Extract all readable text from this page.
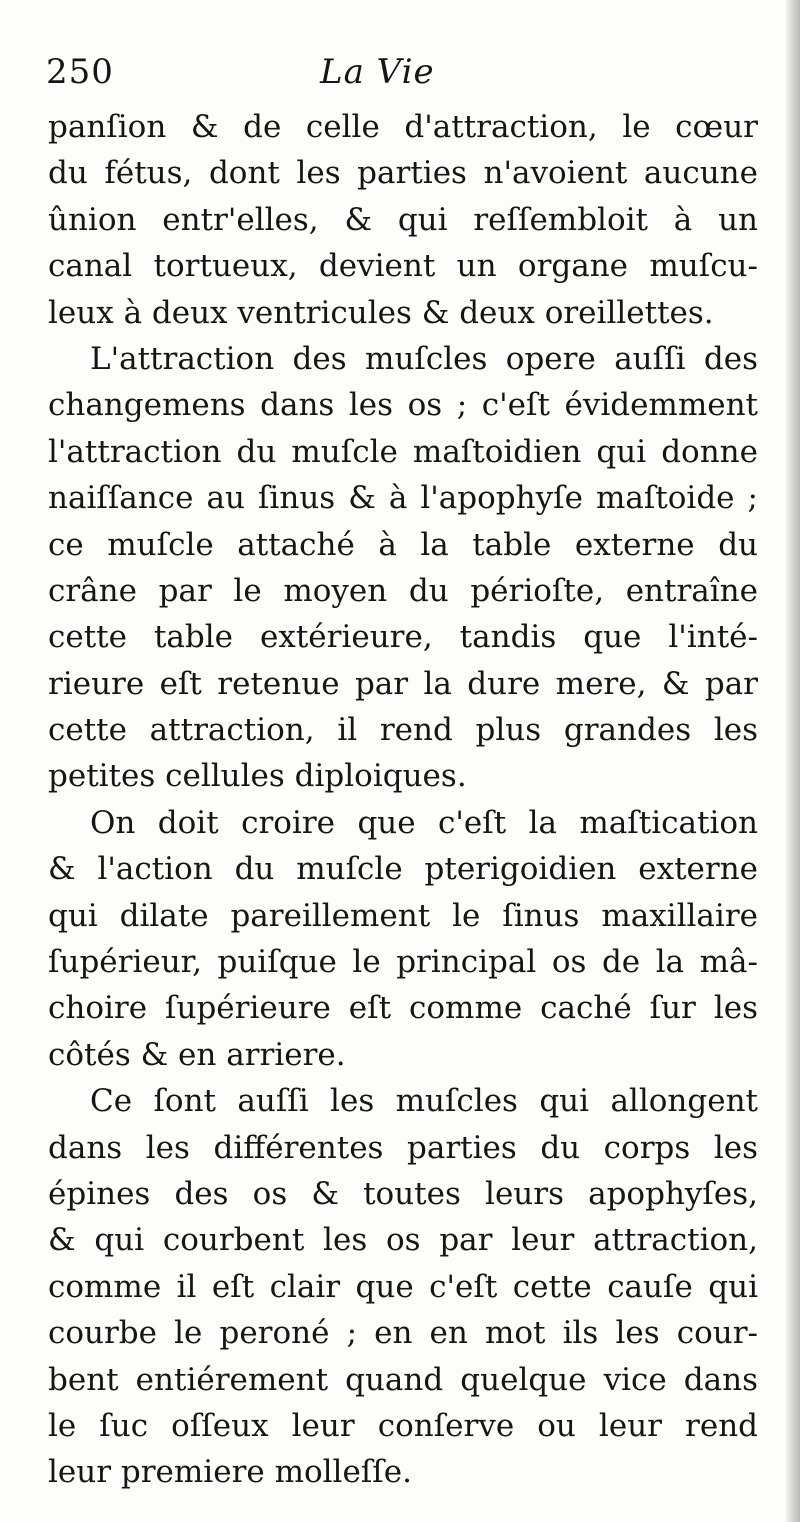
250	La Vie
panſion & de celle d'attraction, le cœur
du fétus, dont les parties n'avoient aucune
ûnion entr'elles, & qui reſſembloit à un
canal tortueux, devient un organe muſcu-
leux à deux ventricules & deux oreillettes.
L'attraction des muſcles opere auſſi des
changemens dans les os ; c'eſt évidemment
l'attraction du muſcle maſtoidien qui donne
naiſſance au ſinus & à l'apophyſe maſtoide ;
ce muſcle attaché à la table externe du
crâne par le moyen du périoſte, entraîne
cette table extérieure, tandis que l'inté-
rieure eſt retenue par la dure mere, & par
cette attraction, il rend plus grandes les
petites cellules diploiques.
On doit croire que c'eſt la maſtication
& l'action du muſcle pterigoidien externe
qui dilate pareillement le ſinus maxillaire
ſupérieur, puiſque le principal os de la mâ-
choire ſupérieure eſt comme caché ſur les
côtés & en arriere.
Ce ſont auſſi les muſcles qui allongent
dans les différentes parties du corps les
épines des os & toutes leurs apophyſes,
& qui courbent les os par leur attraction,
comme il eſt clair que c'eſt cette cauſe qui
courbe le peroné ; en en mot ils les cour-
bent entiérement quand quelque vice dans
le ſuc oſſeux leur conſerve ou leur rend
leur premiere molleſſe.
